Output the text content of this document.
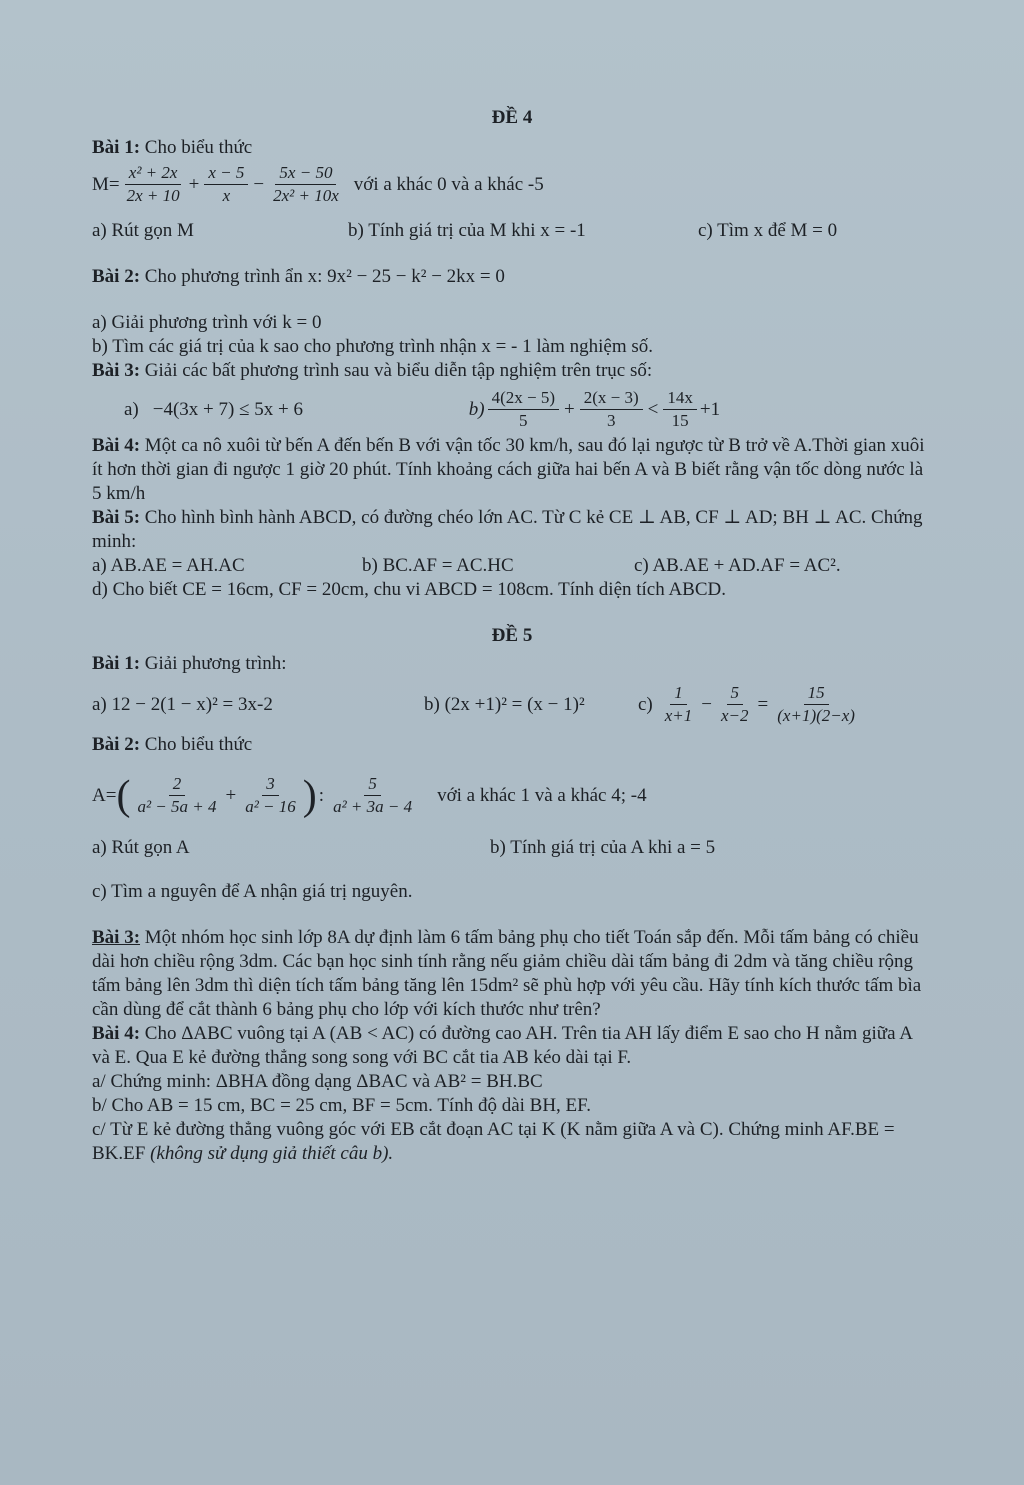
ĐỀ 4

Bài 1: Cho biểu thức

$M= \frac{\text{x² + 2x}}{2x + 10} + \frac{x - 5}{x} - \frac{5x - 50}{\text{2x² + 10x}}$ với a khác 0 và a khác -5
a) Rút gọn M	b) Tính giá trị của M khi x = -1	c) Tìm x để M = 0

Bài 2: Cho phương trình ẩn x: 9x² − 25 − k² − 2kx = 0

a) Giải phương trình với k = 0

b) Tìm các giá trị của k sao cho phương trình nhận x = - 1 làm nghiệm số.

Bài 3: Giải các bất phương trình sau và biểu diễn tập nghiệm trên trục số:

a) −4(3x + 7) ≤ 5x + 6	$b) \frac{4(2x - 5)}{5} + \frac{2(x - 3)}{3} < \frac{14x}{15} +1$

Bài 4: Một ca nô xuôi từ bến A đến bến B với vận tốc 30 km/h, sau đó lại ngược từ B trở về A.Thời gian xuôi ít hơn thời gian đi ngược 1 giờ 20 phút. Tính khoảng cách giữa hai bến A và B biết rằng vận tốc dòng nước là 5 km/h

Bài 5: Cho hình bình hành ABCD, có đường chéo lớn AC. Từ C kẻ CE ⊥ AB, CF ⊥ AD; BH ⊥ AC. Chứng minh:

a) AB.AE = AH.AC	b) BC.AF = AC.HC	c) AB.AE + AD.AF = AC².

d) Cho biết CE = 16cm, CF = 20cm, chu vi ABCD = 108cm. Tính diện tích ABCD.

ĐỀ 5

Bài 1: Giải phương trình:

a) 12 − 2(1 − x)² = 3x-2	b) (2x +1)² = (x − 1)²	$c) \frac{1}{x+1} - \frac{5}{x-2} = \frac{15}{(x+1)(2-x)}$

Bài 2: Cho biểu thức

A= ( $\frac{2}{\text{a² − 5a + 4}} + \frac{3}{\text{a² − 16}}$ ) : $\frac{5}{\text{a² + 3a − 4}}$ với a khác 1 và a khác 4; -4
a) Rút gọn A	b) Tính giá trị của A khi a = 5

c) Tìm a nguyên để A nhận giá trị nguyên.

Bài 3: Một nhóm học sinh lớp 8A dự định làm 6 tấm bảng phụ cho tiết Toán sắp đến. Mỗi tấm bảng có chiều dài hơn chiều rộng 3dm. Các bạn học sinh tính rằng nếu giảm chiều dài tấm bảng đi 2dm và tăng chiều rộng tấm bảng lên 3dm thì diện tích tấm bảng tăng lên 15dm² sẽ phù hợp với yêu cầu. Hãy tính kích thước tấm bìa cần dùng để cắt thành 6 bảng phụ cho lớp với kích thước như trên?

Bài 4: Cho ΔABC vuông tại A (AB < AC) có đường cao AH. Trên tia AH lấy điểm E sao cho H nằm giữa A và E. Qua E kẻ đường thẳng song song với BC cắt tia AB kéo dài tại F.

a/ Chứng minh: ΔBHA đồng dạng ΔBAC và AB² = BH.BC

b/ Cho AB = 15 cm, BC = 25 cm, BF = 5cm. Tính độ dài BH, EF.

c/ Từ E kẻ đường thẳng vuông góc với EB cắt đoạn AC tại K (K nằm giữa A và C). Chứng minh AF.BE = BK.EF (không sử dụng giả thiết câu b).
